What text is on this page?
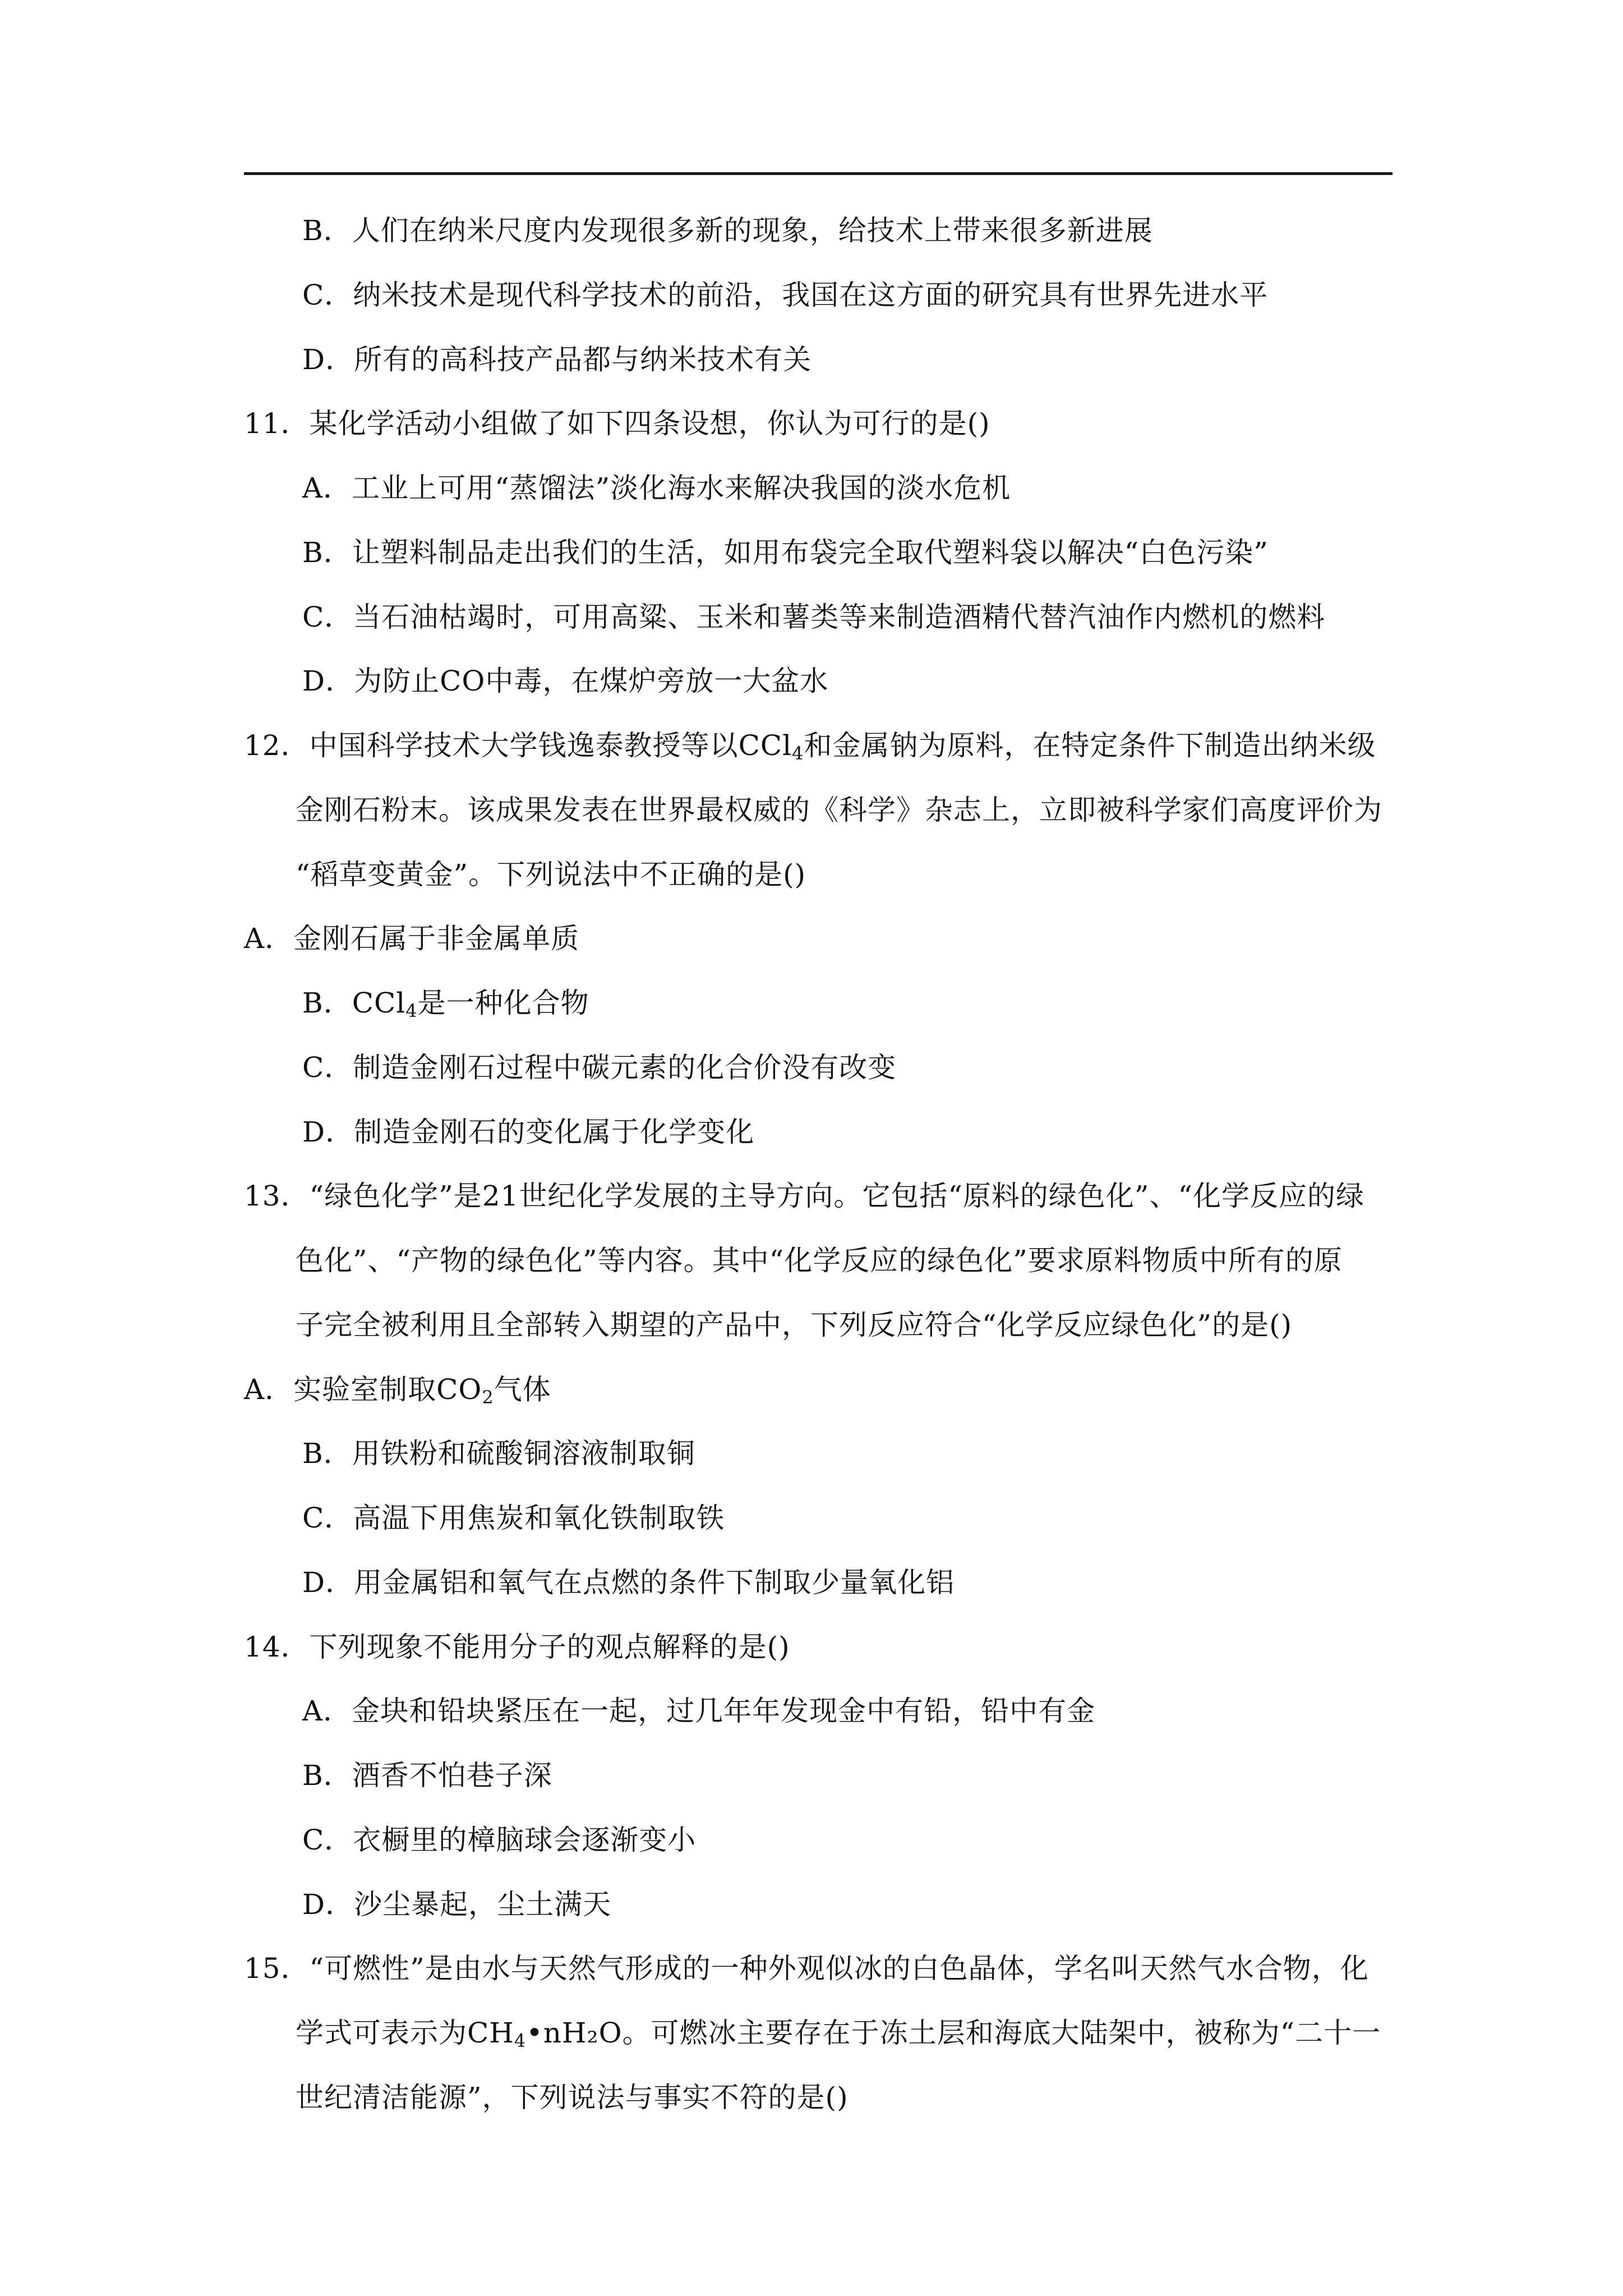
B．人们在纳米尺度内发现很多新的现象，给技术上带来很多新进展
C．纳米技术是现代科学技术的前沿，我国在这方面的研究具有世界先进水平
D．所有的高科技产品都与纳米技术有关
11．某化学活动小组做了如下四条设想，你认为可行的是()
A．工业上可用“蒸馏法”淡化海水来解决我国的淡水危机
B．让塑料制品走出我们的生活，如用布袋完全取代塑料袋以解决“白色污染”
C．当石油枯竭时，可用高粱、玉米和薯类等来制造酒精代替汽油作内燃机的燃料
D．为防止CO中毒，在煤炉旁放一大盆水
12．中国科学技术大学钱逸泰教授等以CCl$_4$和金属钠为原料，在特定条件下制造出纳米级
金刚石粉末。该成果发表在世界最权威的《科学》杂志上，立即被科学家们高度评价为
“稻草变黄金”。下列说法中不正确的是()
A．金刚石属于非金属单质
B．CCl$_4$是一种化合物
C．制造金刚石过程中碳元素的化合价没有改变
D．制造金刚石的变化属于化学变化
13．“绿色化学”是21世纪化学发展的主导方向。它包括“原料的绿色化”、“化学反应的绿
色化”、“产物的绿色化”等内容。其中“化学反应的绿色化”要求原料物质中所有的原
子完全被利用且全部转入期望的产品中，下列反应符合“化学反应绿色化”的是()
A．实验室制取$CO_2$气体
B．用铁粉和硫酸铜溶液制取铜
C．高温下用焦炭和氧化铁制取铁
D．用金属铝和氧气在点燃的条件下制取少量氧化铝
14．下列现象不能用分子的观点解释的是()
A．金块和铅块紧压在一起，过几年年发现金中有铅，铅中有金
B．酒香不怕巷子深
C．衣橱里的樟脑球会逐渐变小
D．沙尘暴起，尘土满天
15．“可燃性”是由水与天然气形成的一种外观似冰的白色晶体，学名叫天然气水合物，化
学式可表示为$CH_4•nH_2O$。可燃冰主要存在于冻土层和海底大陆架中，被称为“二十一
世纪清洁能源”，下列说法与事实不符的是()
